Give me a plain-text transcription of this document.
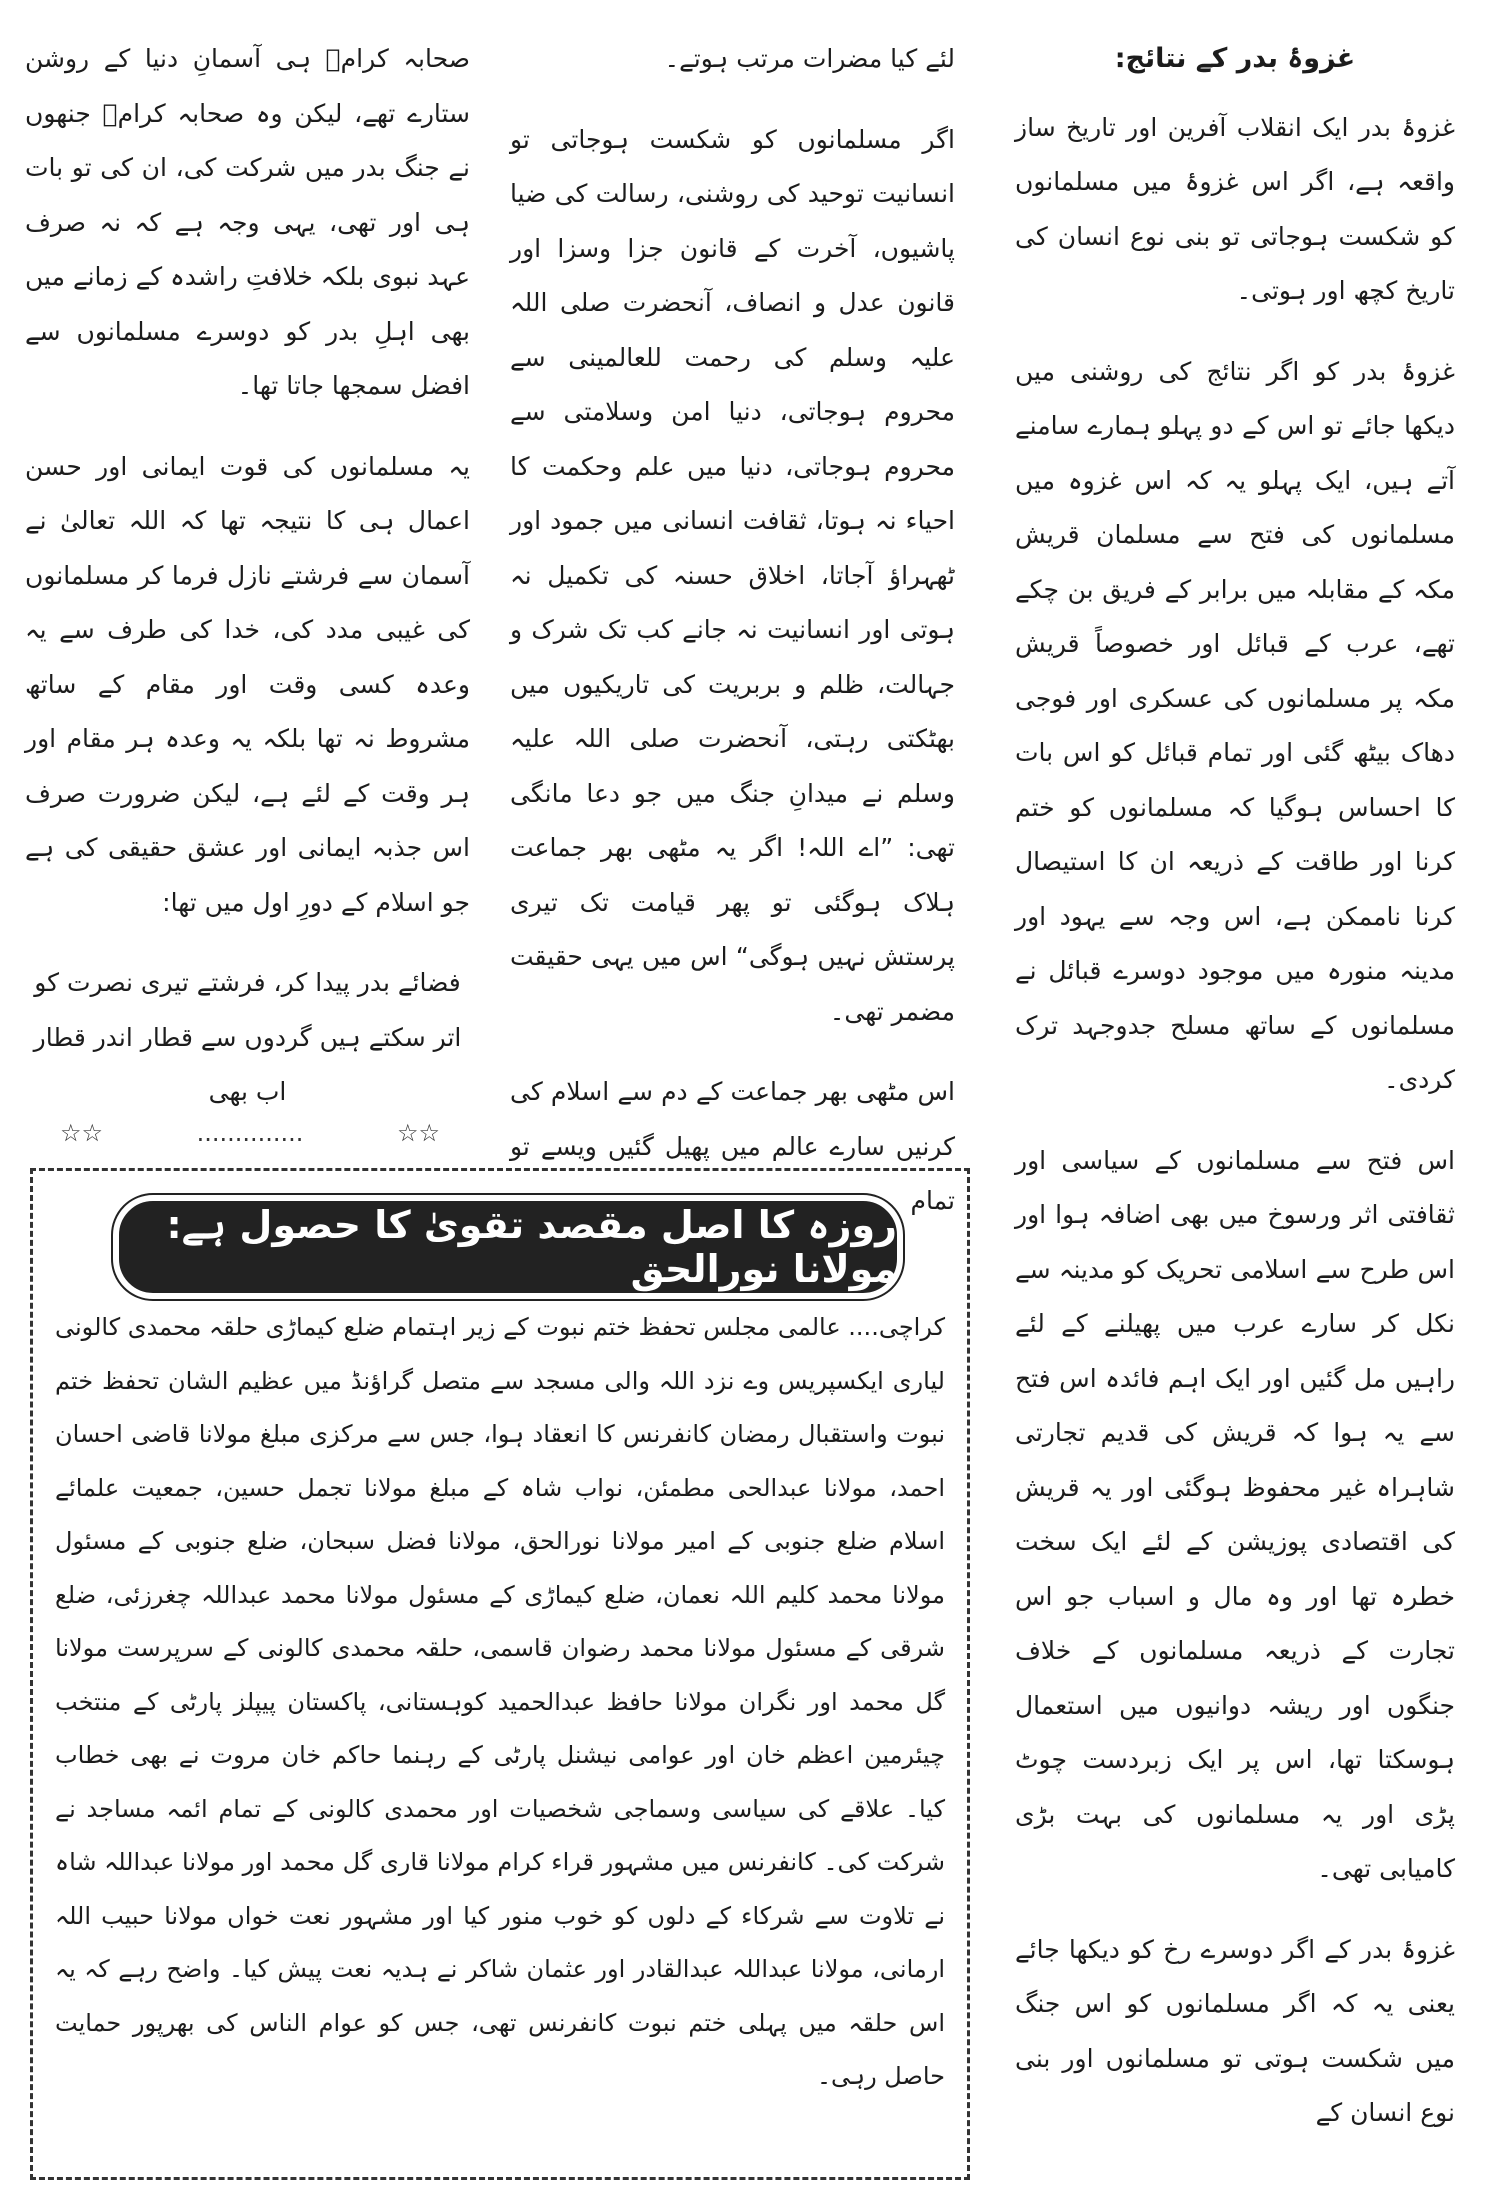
غزوۂ بدر کے نتائج:

غزوۂ بدر ایک انقلاب آفرین اور تاریخ ساز واقعہ ہے، اگر اس غزوۂ میں مسلمانوں کو شکست ہوجاتی تو بنی نوع انسان کی تاریخ کچھ اور ہوتی۔

غزوۂ بدر کو اگر نتائج کی روشنی میں دیکھا جائے تو اس کے دو پہلو ہمارے سامنے آتے ہیں، ایک پہلو یہ کہ اس غزوہ میں مسلمانوں کی فتح سے مسلمان قریش مکہ کے مقابلہ میں برابر کے فریق بن چکے تھے، عرب کے قبائل اور خصوصاً قریش مکہ پر مسلمانوں کی عسکری اور فوجی دھاک بیٹھ گئی اور تمام قبائل کو اس بات کا احساس ہوگیا کہ مسلمانوں کو ختم کرنا اور طاقت کے ذریعہ ان کا استیصال کرنا ناممکن ہے، اس وجہ سے یہود اور مدینہ منورہ میں موجود دوسرے قبائل نے مسلمانوں کے ساتھ مسلح جدوجہد ترک کردی۔

اس فتح سے مسلمانوں کے سیاسی اور ثقافتی اثر ورسوخ میں بھی اضافہ ہوا اور اس طرح سے اسلامی تحریک کو مدینہ سے نکل کر سارے عرب میں پھیلنے کے لئے راہیں مل گئیں اور ایک اہم فائدہ اس فتح سے یہ ہوا کہ قریش کی قدیم تجارتی شاہراہ غیر محفوظ ہوگئی اور یہ قریش کی اقتصادی پوزیشن کے لئے ایک سخت خطرہ تھا اور وہ مال و اسباب جو اس تجارت کے ذریعہ مسلمانوں کے خلاف جنگوں اور ریشہ دوانیوں میں استعمال ہوسکتا تھا، اس پر ایک زبردست چوٹ پڑی اور یہ مسلمانوں کی بہت بڑی کامیابی تھی۔

غزوۂ بدر کے اگر دوسرے رخ کو دیکھا جائے یعنی یہ کہ اگر مسلمانوں کو اس جنگ میں شکست ہوتی تو مسلمانوں اور بنی نوع انسان کے

لئے کیا مضرات مرتب ہوتے۔

اگر مسلمانوں کو شکست ہوجاتی تو انسانیت توحید کی روشنی، رسالت کی ضیا پاشیوں، آخرت کے قانون جزا وسزا اور قانون عدل و انصاف، آنحضرت صلی اللہ علیہ وسلم کی رحمت للعالمینی سے محروم ہوجاتی، دنیا امن وسلامتی سے محروم ہوجاتی، دنیا میں علم وحکمت کا احیاء نہ ہوتا، ثقافت انسانی میں جمود اور ٹھہراؤ آجاتا، اخلاق حسنہ کی تکمیل نہ ہوتی اور انسانیت نہ جانے کب تک شرک و جہالت، ظلم و بربریت کی تاریکیوں میں بھٹکتی رہتی، آنحضرت صلی اللہ علیہ وسلم نے میدانِ جنگ میں جو دعا مانگی تھی: ”اے اللہ! اگر یہ مٹھی بھر جماعت ہلاک ہوگئی تو پھر قیامت تک تیری پرستش نہیں ہوگی“ اس میں یہی حقیقت مضمر تھی۔

اس مٹھی بھر جماعت کے دم سے اسلام کی کرنیں سارے عالم میں پھیل گئیں ویسے تو تمام

صحابہ کرامؓ ہی آسمانِ دنیا کے روشن ستارے تھے، لیکن وہ صحابہ کرامؓ جنھوں نے جنگ بدر میں شرکت کی، ان کی تو بات ہی اور تھی، یہی وجہ ہے کہ نہ صرف عہد نبوی بلکہ خلافتِ راشدہ کے زمانے میں بھی اہلِ بدر کو دوسرے مسلمانوں سے افضل سمجھا جاتا تھا۔

یہ مسلمانوں کی قوت ایمانی اور حسن اعمال ہی کا نتیجہ تھا کہ اللہ تعالیٰ نے آسمان سے فرشتے نازل فرما کر مسلمانوں کی غیبی مدد کی، خدا کی طرف سے یہ وعدہ کسی وقت اور مقام کے ساتھ مشروط نہ تھا بلکہ یہ وعدہ ہر مقام اور ہر وقت کے لئے ہے، لیکن ضرورت صرف اس جذبہ ایمانی اور عشق حقیقی کی ہے جو اسلام کے دورِ اول میں تھا:

فضائے بدر پیدا کر، فرشتے تیری نصرت کو
اتر سکتے ہیں گردوں سے قطار اندر قطار اب بھی

☆☆
..............
☆☆
روزہ کا اصل مقصد تقویٰ کا حصول ہے: مولانا نورالحق

کراچی.... عالمی مجلس تحفظ ختم نبوت کے زیر اہتمام ضلع کیماڑی حلقہ محمدی کالونی لیاری ایکسپریس وے نزد اللہ والی مسجد سے متصل گراؤنڈ میں عظیم الشان تحفظ ختم نبوت واستقبال رمضان کانفرنس کا انعقاد ہوا، جس سے مرکزی مبلغ مولانا قاضی احسان احمد، مولانا عبدالحی مطمئن، نواب شاہ کے مبلغ مولانا تجمل حسین، جمعیت علمائے اسلام ضلع جنوبی کے امیر مولانا نورالحق، مولانا فضل سبحان، ضلع جنوبی کے مسئول مولانا محمد کلیم اللہ نعمان، ضلع کیماڑی کے مسئول مولانا محمد عبداللہ چغرزئی، ضلع شرقی کے مسئول مولانا محمد رضوان قاسمی، حلقہ محمدی کالونی کے سرپرست مولانا گل محمد اور نگران مولانا حافظ عبدالحمید کوہستانی، پاکستان پیپلز پارٹی کے منتخب چیئرمین اعظم خان اور عوامی نیشنل پارٹی کے رہنما حاکم خان مروت نے بھی خطاب کیا۔ علاقے کی سیاسی وسماجی شخصیات اور محمدی کالونی کے تمام ائمہ مساجد نے شرکت کی۔ کانفرنس میں مشہور قراء کرام مولانا قاری گل محمد اور مولانا عبداللہ شاہ نے تلاوت سے شرکاء کے دلوں کو خوب منور کیا اور مشہور نعت خواں مولانا حبیب اللہ ارمانی، مولانا عبداللہ عبدالقادر اور عثمان شاکر نے ہدیہ نعت پیش کیا۔ واضح رہے کہ یہ اس حلقہ میں پہلی ختم نبوت کانفرنس تھی، جس کو عوام الناس کی بھرپور حمایت حاصل رہی۔
